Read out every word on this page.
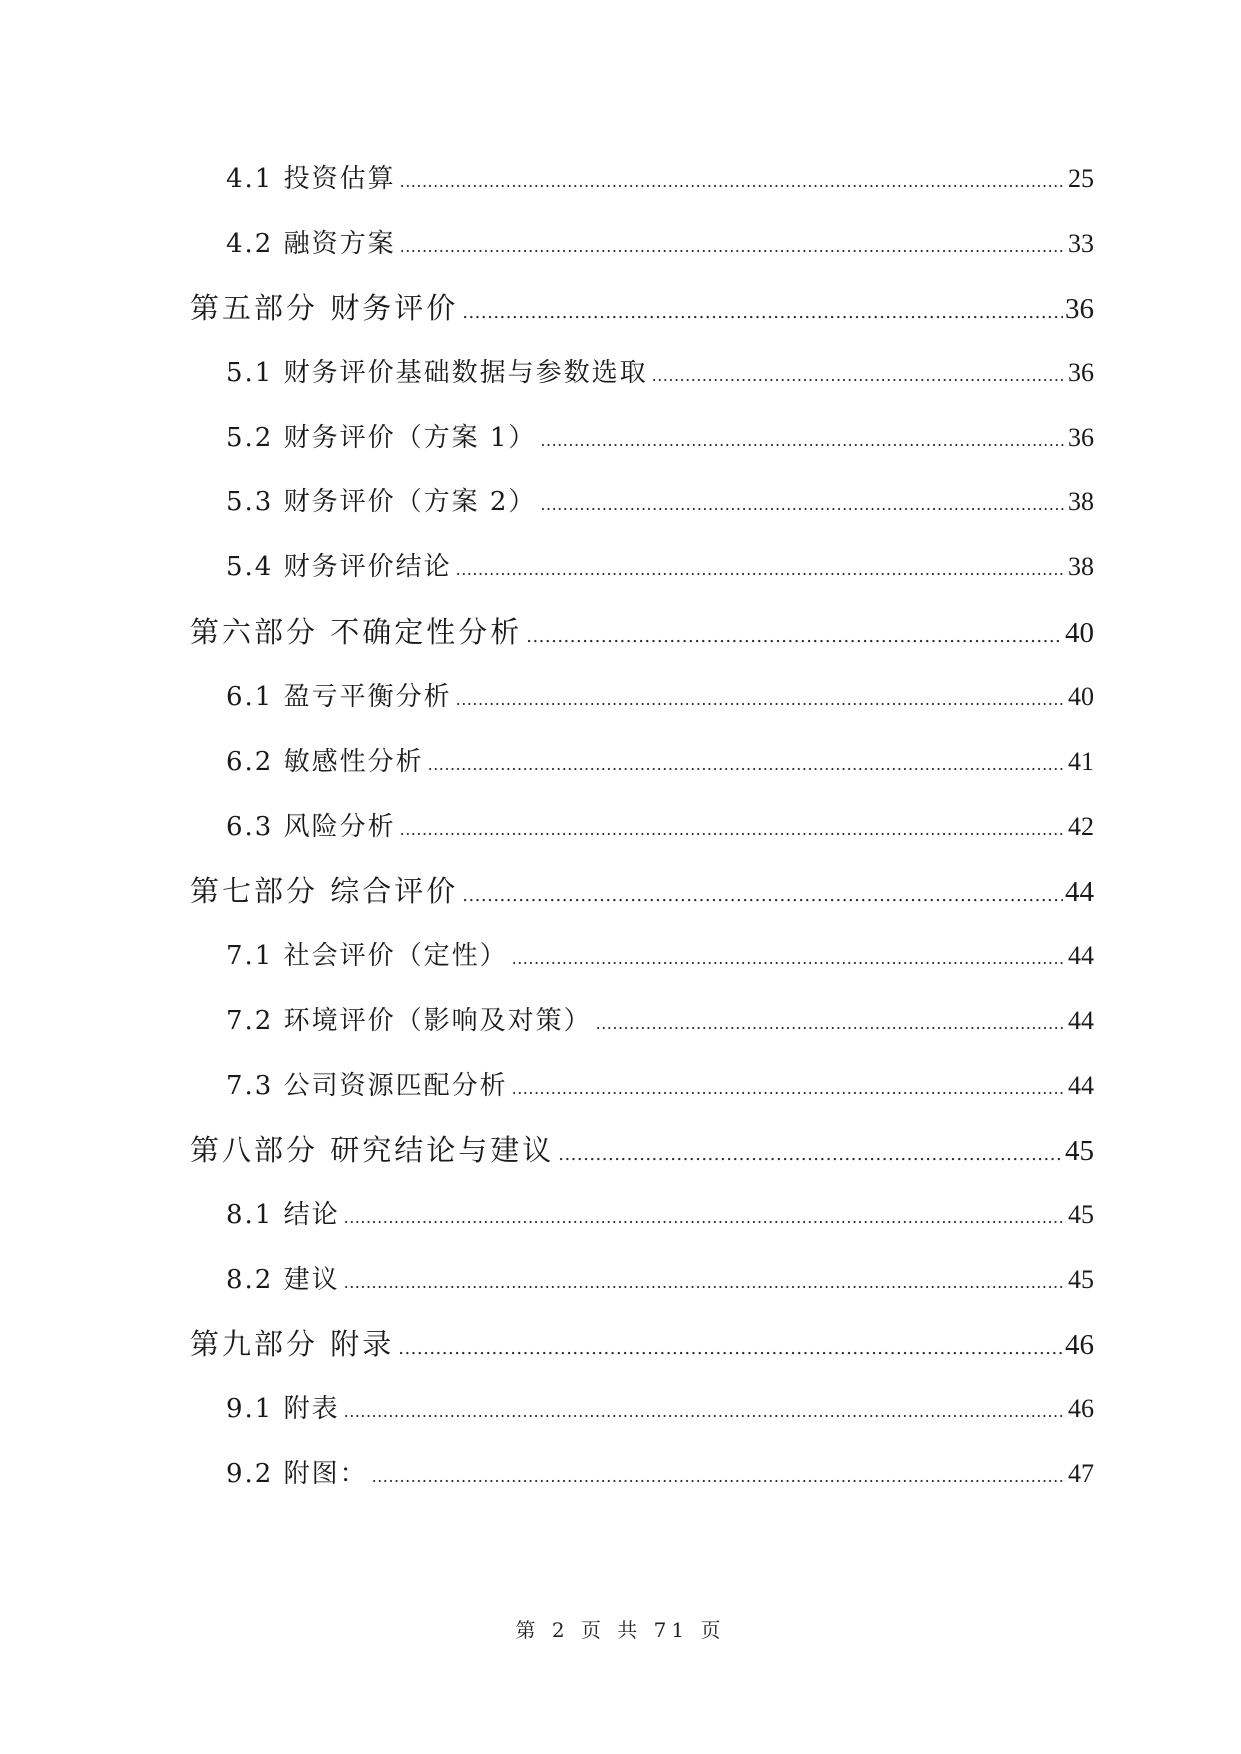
4.1 投资估算 .....	25
4.2 融资方案 .....	33
第五部分 财务评价 .....	36
5.1 财务评价基础数据与参数选取 .....	36
5.2 财务评价（方案 1） .....	36
5.3 财务评价（方案 2） .....	38
5.4 财务评价结论 .....	38
第六部分 不确定性分析 .....	40
6.1 盈亏平衡分析 .....	40
6.2 敏感性分析 .....	41
6.3 风险分析 .....	42
第七部分 综合评价 .....	44
7.1 社会评价（定性） .....	44
7.2 环境评价（影响及对策） .....	44
7.3 公司资源匹配分析 .....	44
第八部分 研究结论与建议 .....	45
8.1 结论 .....	45
8.2 建议 .....	45
第九部分 附录 .....	46
9.1 附表 .....	46
9.2 附图： .....	47
第 2 页 共 71 页
